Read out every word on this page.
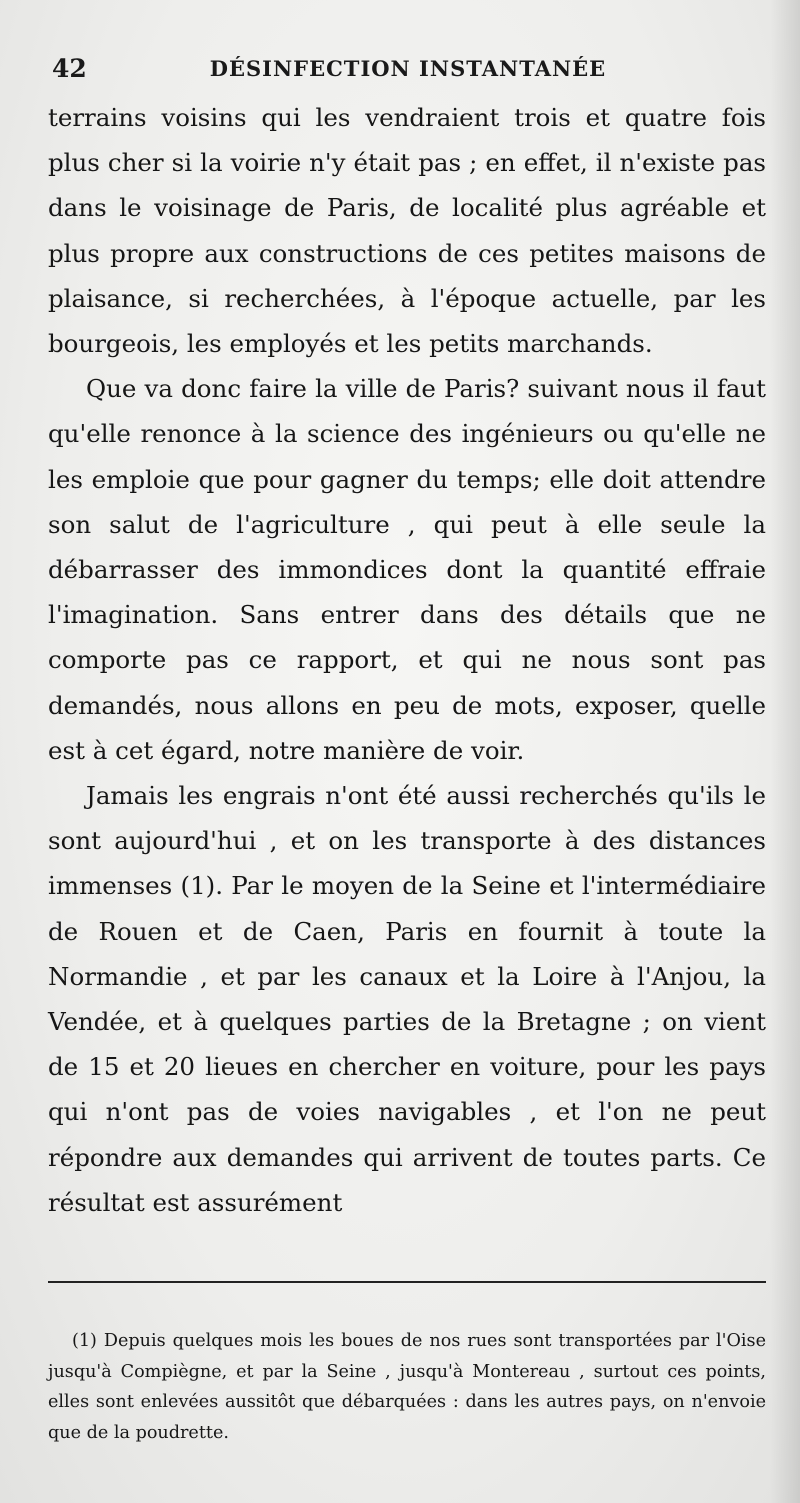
42	DÉSINFECTION INSTANTANÉE

terrains voisins qui les vendraient trois et quatre fois plus cher si la voirie n'y était pas ; en effet, il n'existe pas dans le voisinage de Paris, de localité plus agréable et plus propre aux constructions de ces petites maisons de plaisance, si recherchées, à l'époque actuelle, par les bourgeois, les employés et les petits marchands.

Que va donc faire la ville de Paris? suivant nous il faut qu'elle renonce à la science des ingénieurs ou qu'elle ne les emploie que pour gagner du temps; elle doit attendre son salut de l'agriculture , qui peut à elle seule la débarrasser des immondices dont la quantité effraie l'imagination. Sans entrer dans des détails que ne comporte pas ce rapport, et qui ne nous sont pas demandés, nous allons en peu de mots, exposer, quelle est à cet égard, notre manière de voir.

Jamais les engrais n'ont été aussi recherchés qu'ils le sont aujourd'hui , et on les transporte à des distances immenses (1). Par le moyen de la Seine et l'intermédiaire de Rouen et de Caen, Paris en fournit à toute la Normandie , et par les canaux et la Loire à l'Anjou, la Vendée, et à quelques parties de la Bretagne ; on vient de 15 et 20 lieues en chercher en voiture, pour les pays qui n'ont pas de voies navigables , et l'on ne peut répondre aux demandes qui arrivent de toutes parts. Ce résultat est assurément

(1) Depuis quelques mois les boues de nos rues sont transportées par l'Oise jusqu'à Compiègne, et par la Seine , jusqu'à Montereau , surtout ces points, elles sont enlevées aussitôt que débarquées : dans les autres pays, on n'envoie que de la poudrette.
